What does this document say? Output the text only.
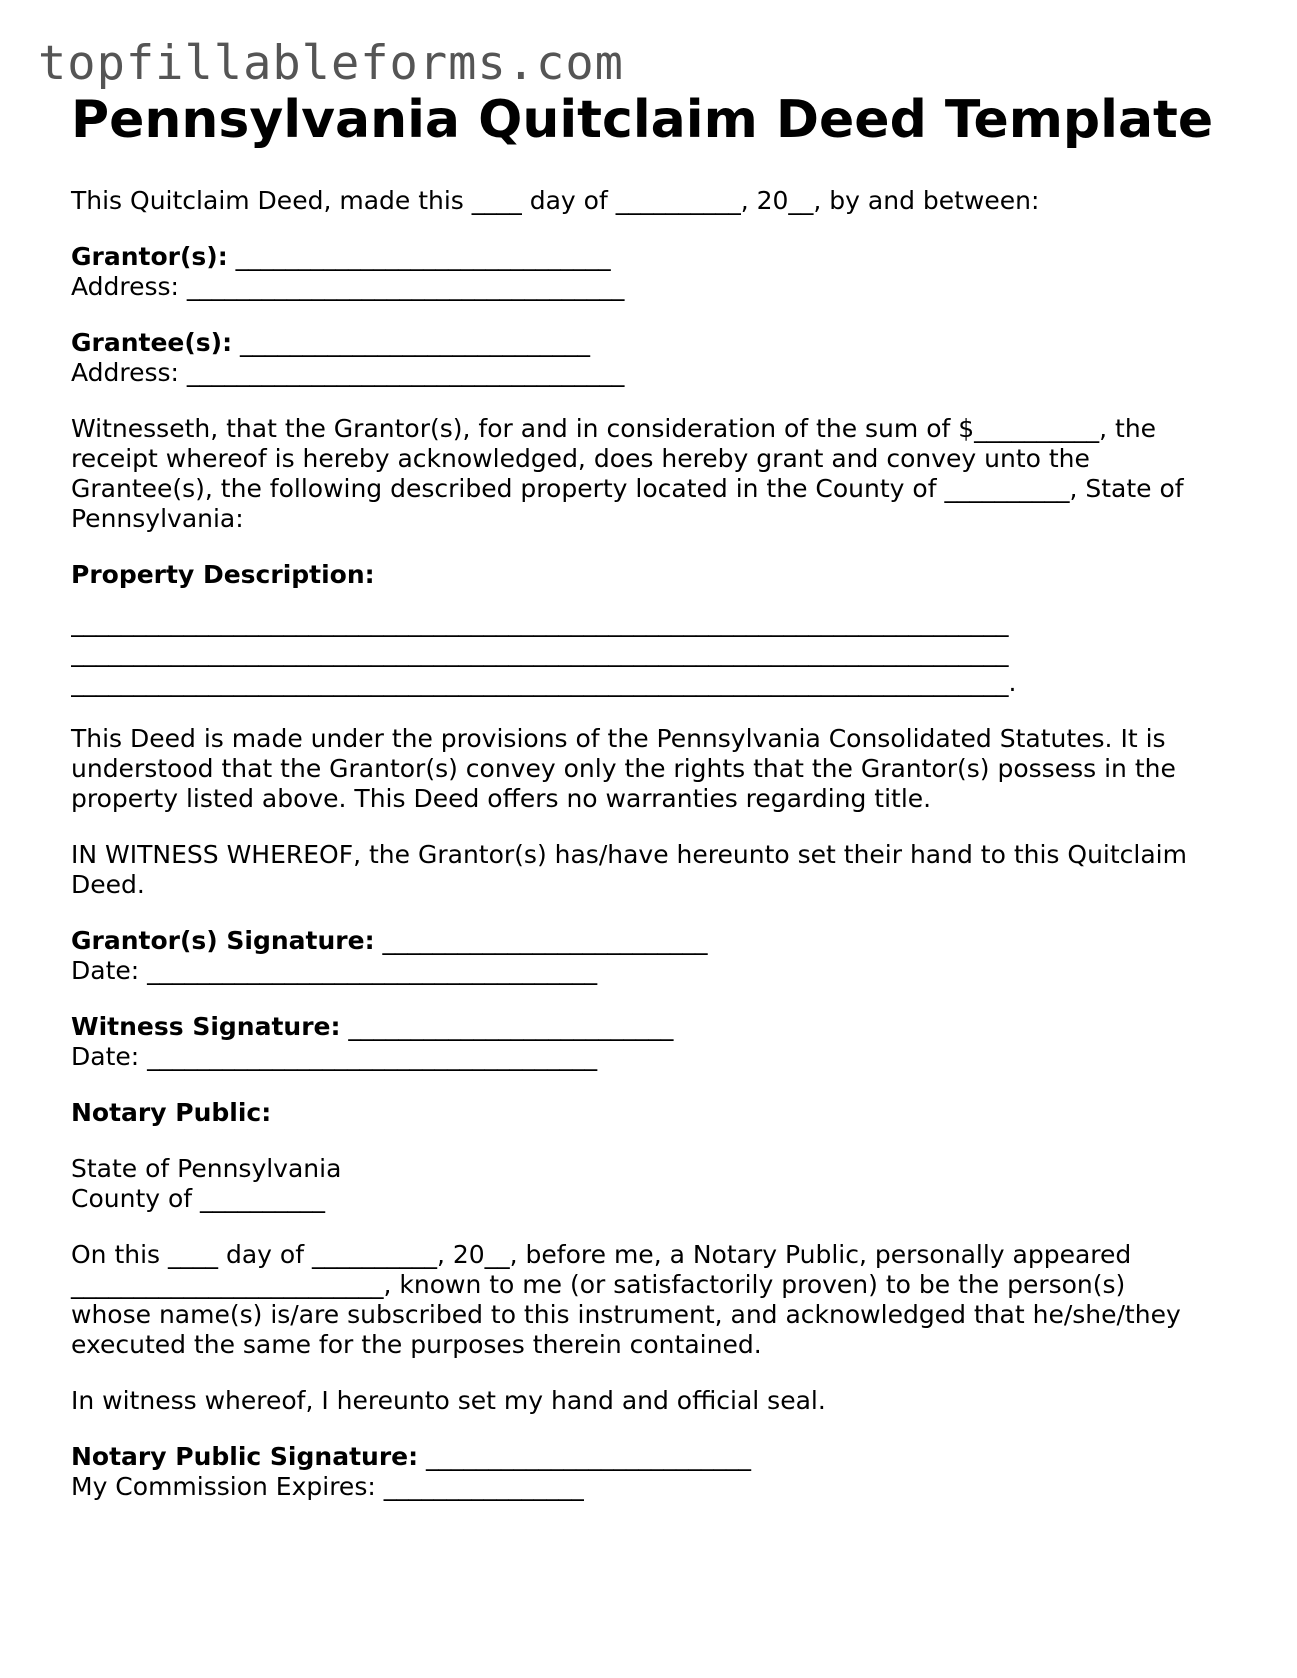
topfillableforms.com
Pennsylvania Quitclaim Deed Template

This Quitclaim Deed, made this ____ day of __________, 20__, by and between:

Grantor(s): ______________________________
Address: ___________________________________

Grantee(s): ____________________________
Address: ___________________________________

Witnesseth, that the Grantor(s), for and in consideration of the sum of $__________, the
receipt whereof is hereby acknowledged, does hereby grant and convey unto the
Grantee(s), the following described property located in the County of __________, State of
Pennsylvania:

Property Description:

___________________________________________________________________________
___________________________________________________________________________
___________________________________________________________________________.

This Deed is made under the provisions of the Pennsylvania Consolidated Statutes. It is
understood that the Grantor(s) convey only the rights that the Grantor(s) possess in the
property listed above. This Deed offers no warranties regarding title.

IN WITNESS WHEREOF, the Grantor(s) has/have hereunto set their hand to this Quitclaim
Deed.

Grantor(s) Signature: __________________________
Date: ____________________________________

Witness Signature: __________________________
Date: ____________________________________

Notary Public:

State of Pennsylvania
County of __________

On this ____ day of __________, 20__, before me, a Notary Public, personally appeared
_________________________, known to me (or satisfactorily proven) to be the person(s)
whose name(s) is/are subscribed to this instrument, and acknowledged that he/she/they
executed the same for the purposes therein contained.

In witness whereof, I hereunto set my hand and official seal.

Notary Public Signature: __________________________
My Commission Expires: ________________
